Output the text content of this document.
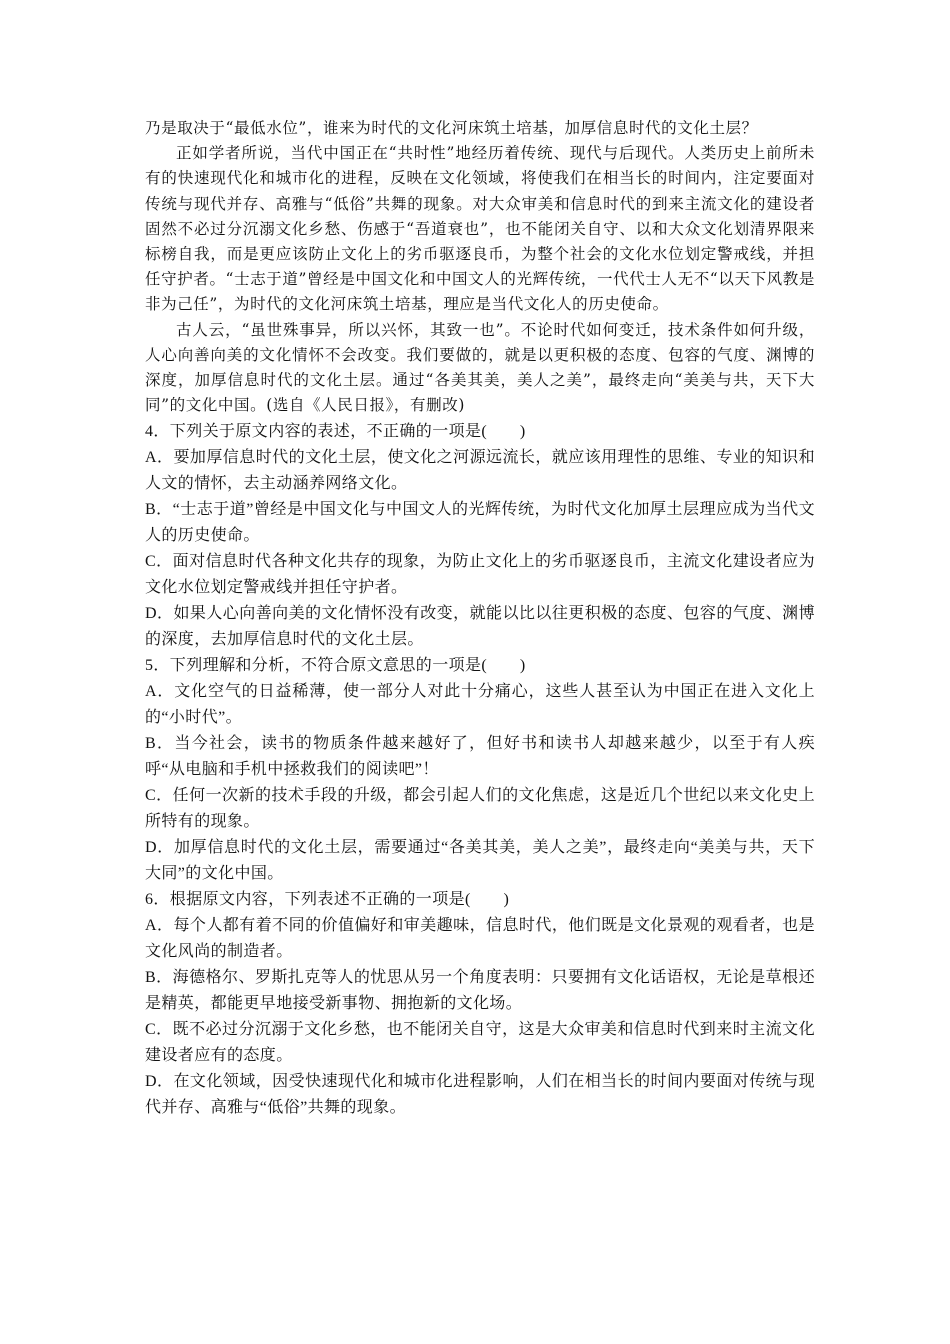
乃是取决于“最低水位”，谁来为时代的文化河床筑土培基，加厚信息时代的文化土层？

正如学者所说，当代中国正在“共时性”地经历着传统、现代与后现代。人类历史上前所未有的快速现代化和城市化的进程，反映在文化领域，将使我们在相当长的时间内，注定要面对传统与现代并存、高雅与“低俗”共舞的现象。对大众审美和信息时代的到来主流文化的建设者固然不必过分沉溺文化乡愁、伤感于“吾道衰也”，也不能闭关自守、以和大众文化划清界限来标榜自我，而是更应该防止文化上的劣币驱逐良币，为整个社会的文化水位划定警戒线，并担任守护者。“士志于道”曾经是中国文化和中国文人的光辉传统，一代代士人无不“以天下风教是非为己任”，为时代的文化河床筑土培基，理应是当代文化人的历史使命。

古人云，“虽世殊事异，所以兴怀，其致一也”。不论时代如何变迁，技术条件如何升级，人心向善向美的文化情怀不会改变。我们要做的，就是以更积极的态度、包容的气度、渊博的深度，加厚信息时代的文化土层。通过“各美其美，美人之美”，最终走向“美美与共，天下大同”的文化中国。(选自《人民日报》，有删改)

4．下列关于原文内容的表述，不正确的一项是(　　)

A．要加厚信息时代的文化土层，使文化之河源远流长，就应该用理性的思维、专业的知识和人文的情怀，去主动涵养网络文化。

B．“士志于道”曾经是中国文化与中国文人的光辉传统，为时代文化加厚土层理应成为当代文人的历史使命。

C．面对信息时代各种文化共存的现象，为防止文化上的劣币驱逐良币，主流文化建设者应为文化水位划定警戒线并担任守护者。

D．如果人心向善向美的文化情怀没有改变，就能以比以往更积极的态度、包容的气度、渊博的深度，去加厚信息时代的文化土层。

5．下列理解和分析，不符合原文意思的一项是(　　)

A．文化空气的日益稀薄，使一部分人对此十分痛心，这些人甚至认为中国正在进入文化上的“小时代”。

B．当今社会，读书的物质条件越来越好了，但好书和读书人却越来越少，以至于有人疾呼“从电脑和手机中拯救我们的阅读吧”！

C．任何一次新的技术手段的升级，都会引起人们的文化焦虑，这是近几个世纪以来文化史上所特有的现象。

D．加厚信息时代的文化土层，需要通过“各美其美，美人之美”，最终走向“美美与共，天下大同”的文化中国。

6．根据原文内容，下列表述不正确的一项是(　　)

A．每个人都有着不同的价值偏好和审美趣味，信息时代，他们既是文化景观的观看者，也是文化风尚的制造者。

B．海德格尔、罗斯扎克等人的忧思从另一个角度表明：只要拥有文化话语权，无论是草根还是精英，都能更早地接受新事物、拥抱新的文化场。

C．既不必过分沉溺于文化乡愁，也不能闭关自守，这是大众审美和信息时代到来时主流文化建设者应有的态度。

D．在文化领域，因受快速现代化和城市化进程影响，人们在相当长的时间内要面对传统与现代并存、高雅与“低俗”共舞的现象。
